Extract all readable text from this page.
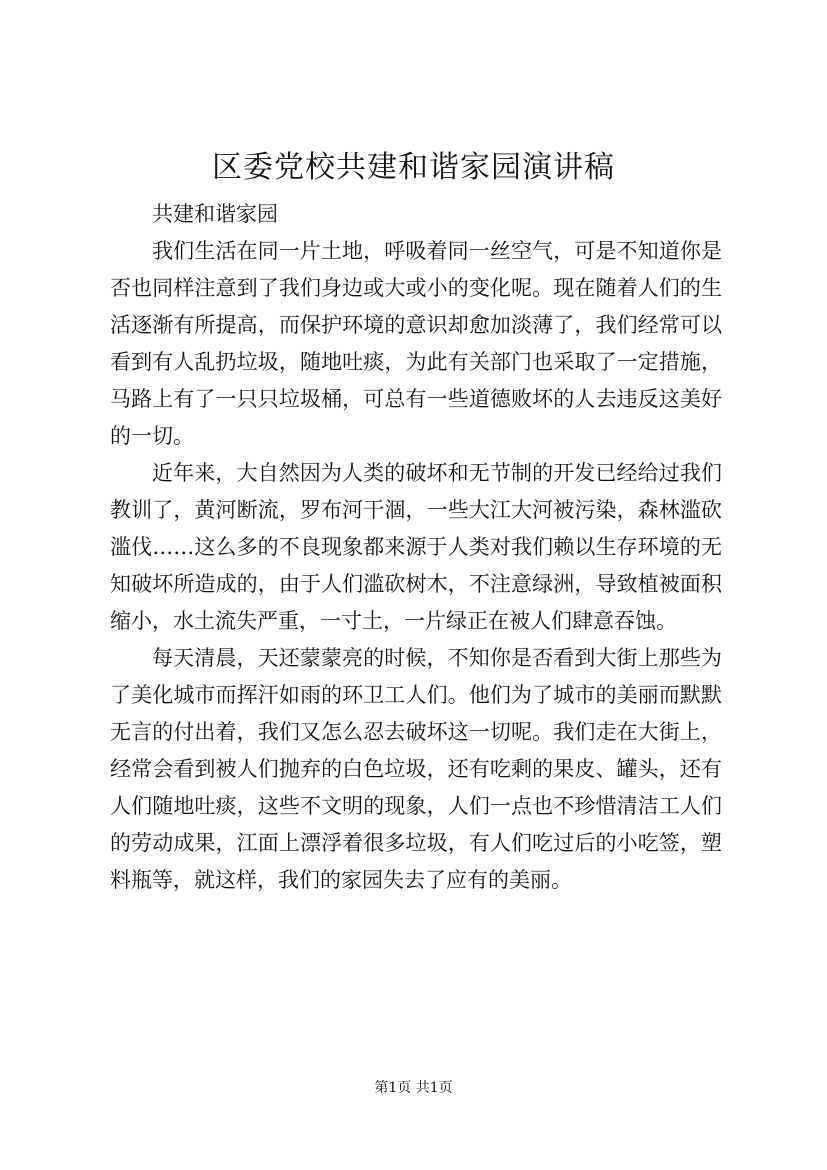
区委党校共建和谐家园演讲稿

共建和谐家园

我们生活在同一片土地，呼吸着同一丝空气，可是不知道你是否也同样注意到了我们身边或大或小的变化呢。现在随着人们的生活逐渐有所提高，而保护环境的意识却愈加淡薄了，我们经常可以看到有人乱扔垃圾，随地吐痰，为此有关部门也采取了一定措施，马路上有了一只只垃圾桶，可总有一些道德败坏的人去违反这美好的一切。

近年来，大自然因为人类的破坏和无节制的开发已经给过我们教训了，黄河断流，罗布河干涸，一些大江大河被污染，森林滥砍滥伐……这么多的不良现象都来源于人类对我们赖以生存环境的无知破坏所造成的，由于人们滥砍树木，不注意绿洲，导致植被面积缩小，水土流失严重，一寸土，一片绿正在被人们肆意吞蚀。

每天清晨，天还蒙蒙亮的时候，不知你是否看到大街上那些为了美化城市而挥汗如雨的环卫工人们。他们为了城市的美丽而默默无言的付出着，我们又怎么忍去破坏这一切呢。我们走在大街上，经常会看到被人们抛弃的白色垃圾，还有吃剩的果皮、罐头，还有人们随地吐痰，这些不文明的现象，人们一点也不珍惜清洁工人们的劳动成果，江面上漂浮着很多垃圾，有人们吃过后的小吃签，塑料瓶等，就这样，我们的家园失去了应有的美丽。

第1页 共1页
